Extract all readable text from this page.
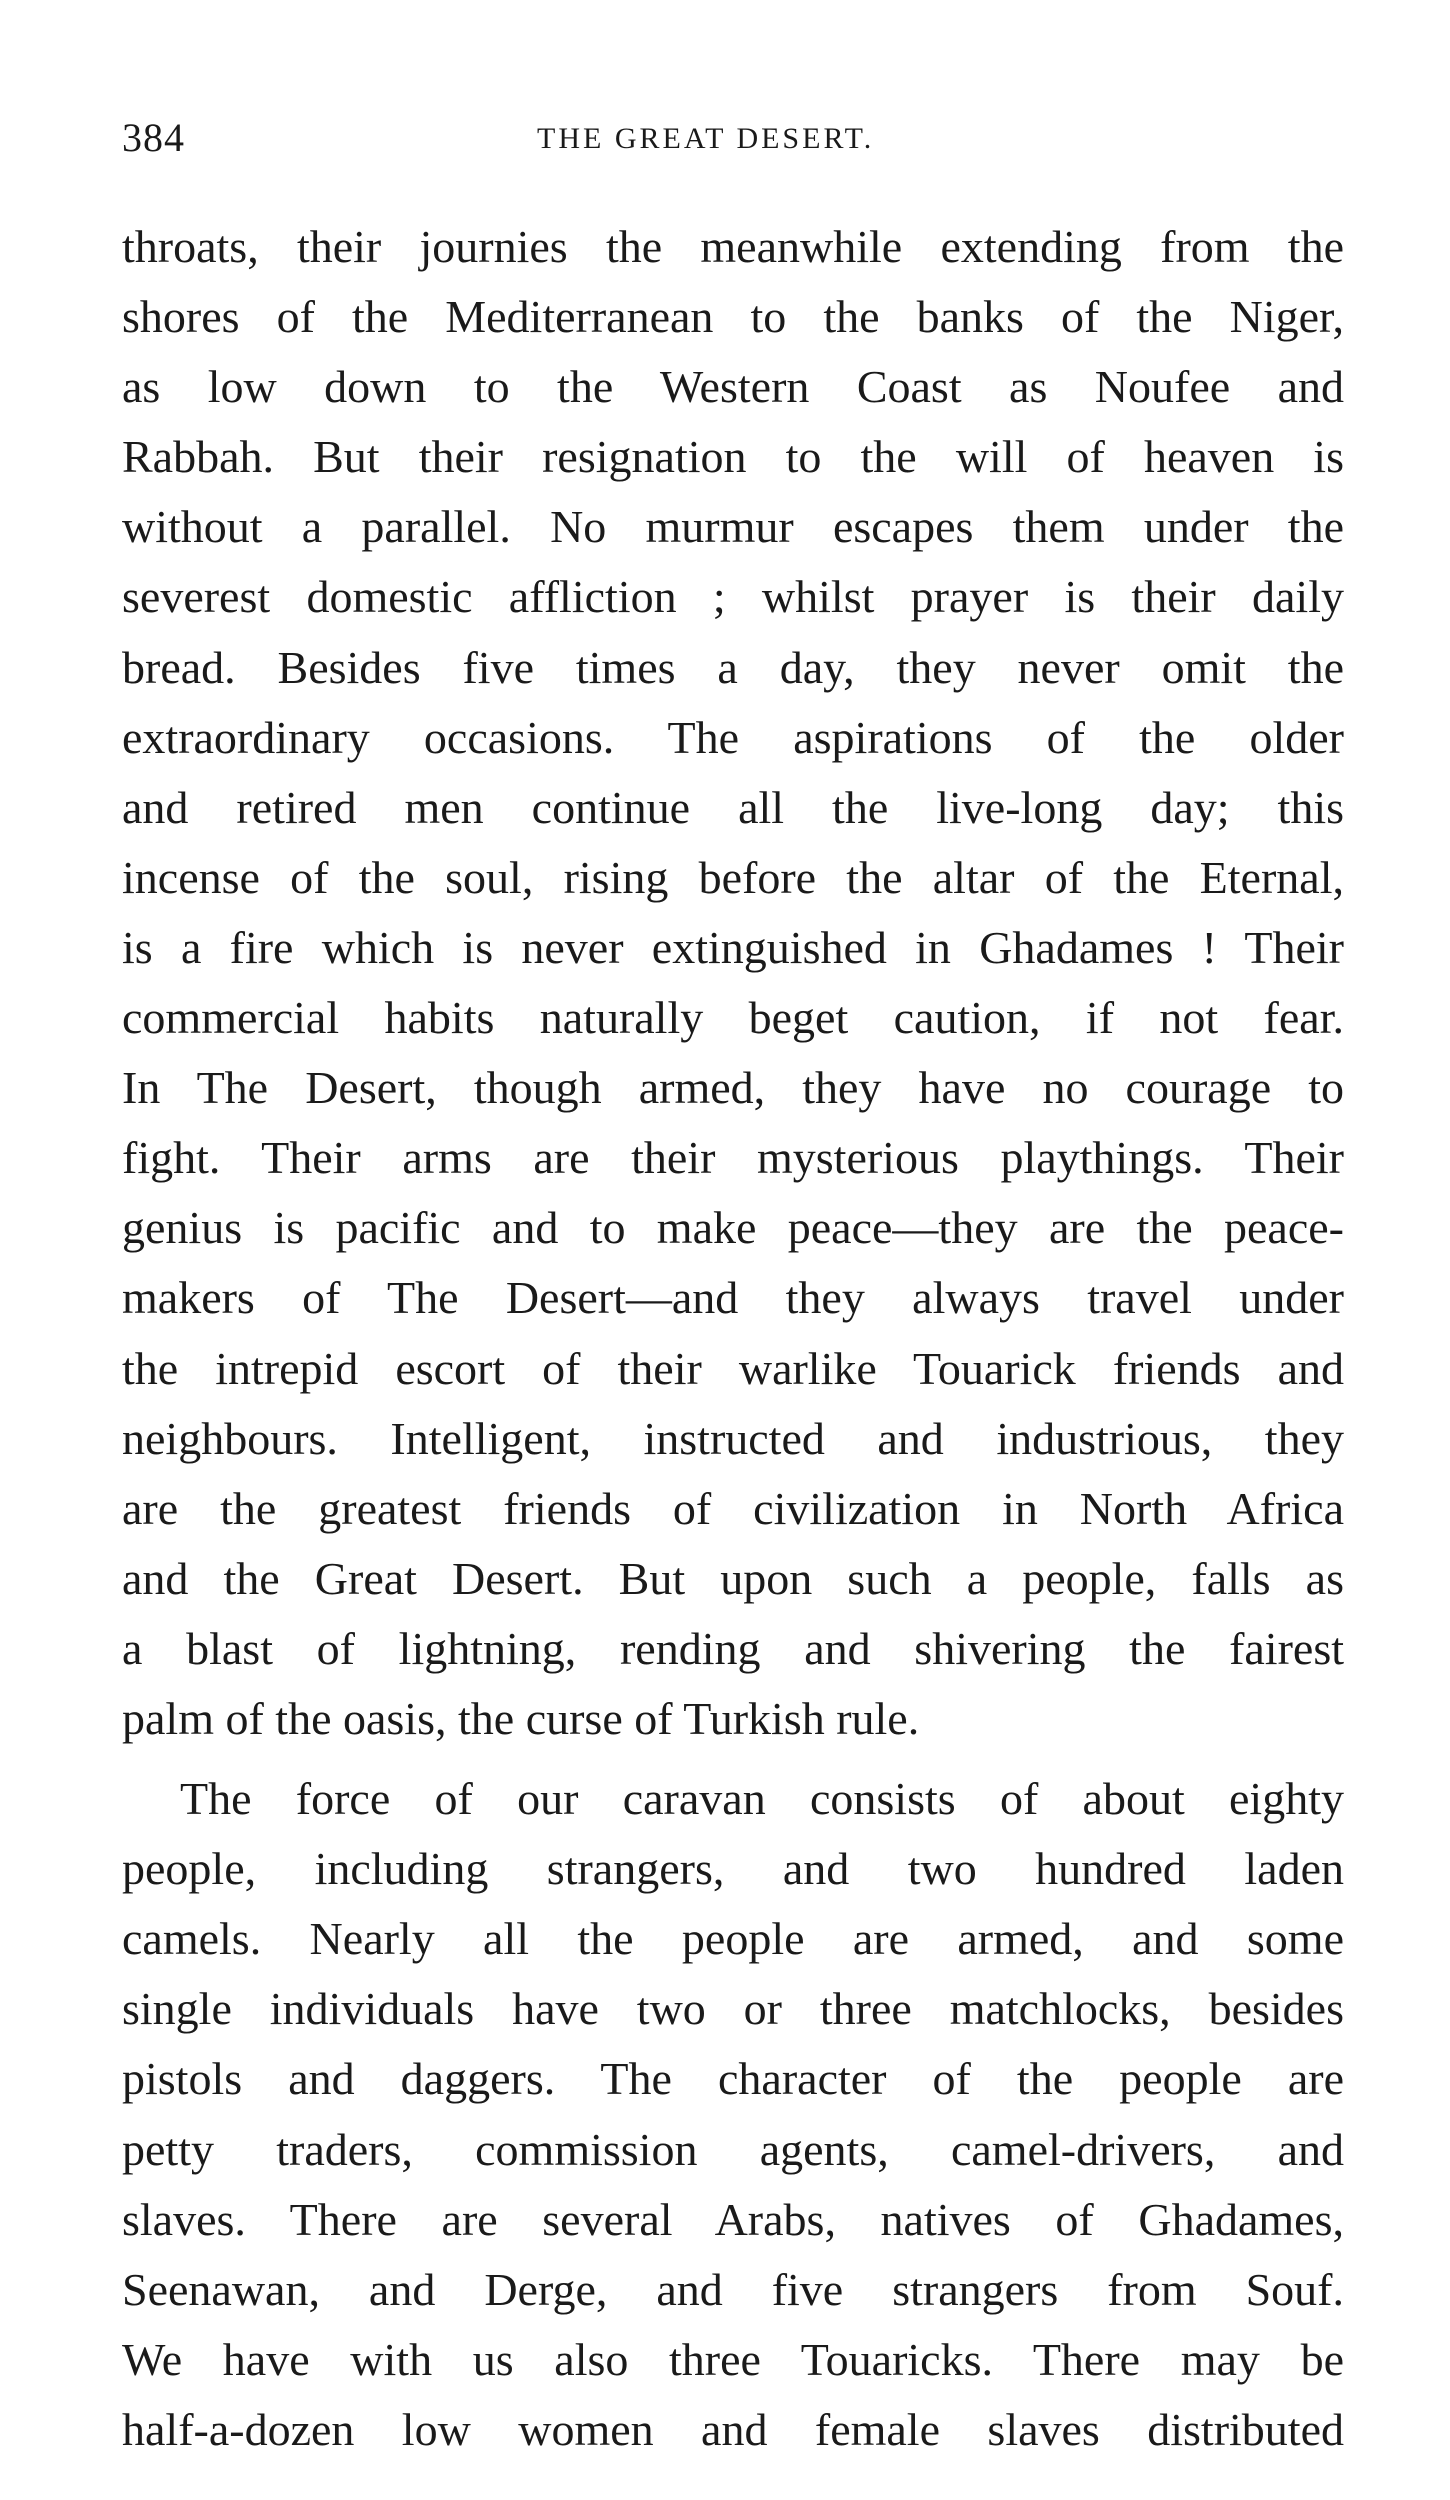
384	THE GREAT DESERT.
throats, their journies the meanwhile extending from the
shores of the Mediterranean to the banks of the Niger,
as low down to the Western Coast as Noufee and
Rabbah. But their resignation to the will of heaven is
without a parallel. No murmur escapes them under the
severest domestic affliction ; whilst prayer is their daily
bread. Besides five times a day, they never omit the
extraordinary occasions. The aspirations of the older
and retired men continue all the live-long day; this
incense of the soul, rising before the altar of the Eternal,
is a fire which is never extinguished in Ghadames ! Their
commercial habits naturally beget caution, if not fear.
In The Desert, though armed, they have no courage to
fight. Their arms are their mysterious playthings. Their
genius is pacific and to make peace—they are the peace-
makers of The Desert—and they always travel under
the intrepid escort of their warlike Touarick friends and
neighbours. Intelligent, instructed and industrious, they
are the greatest friends of civilization in North Africa
and the Great Desert. But upon such a people, falls as
a blast of lightning, rending and shivering the fairest
palm of the oasis, the curse of Turkish rule.
The force of our caravan consists of about eighty
people, including strangers, and two hundred laden
camels. Nearly all the people are armed, and some
single individuals have two or three matchlocks, besides
pistols and daggers. The character of the people are
petty traders, commission agents, camel-drivers, and
slaves. There are several Arabs, natives of Ghadames,
Seenawan, and Derge, and five strangers from Souf.
We have with us also three Touaricks. There may be
half-a-dozen low women and female slaves distributed
